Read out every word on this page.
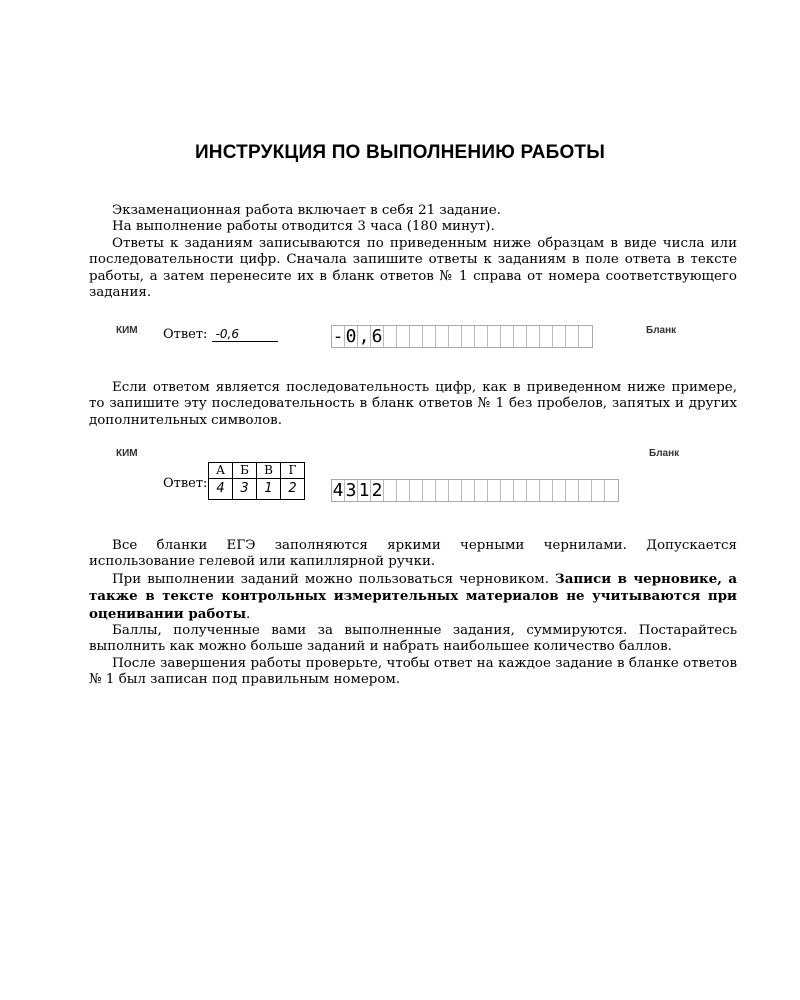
ИНСТРУКЦИЯ ПО ВЫПОЛНЕНИЮ РАБОТЫ

Экзаменационная работа включает в себя 21 задание.
На выполнение работы отводится 3 часа (180 минут).
Ответы к заданиям записываются по приведенным ниже образцам в виде числа или последовательности цифр. Сначала запишите ответы к заданиям в поле ответа в тексте работы, а затем перенесите их в бланк ответов № 1 справа от номера соответствующего задания.

КИМ Ответ: -0,6	- 0 , 6	Бланк

Если ответом является последовательность цифр, как в приведенном ниже примере, то запишите эту последовательность в бланк ответов № 1 без пробелов, запятых и других дополнительных символов.

КИМ
Ответ:
А	Б	В	Г
4	3	1	2 4 3 1 2
Бланк

Все бланки ЕГЭ заполняются яркими черными чернилами. Допускается использование гелевой или капиллярной ручки.
При выполнении заданий можно пользоваться черновиком. Записи в черновике, а также в тексте контрольных измерительных материалов не учитываются при оценивании работы.
Баллы, полученные вами за выполненные задания, суммируются. Постарайтесь выполнить как можно больше заданий и набрать наибольшее количество баллов.
После завершения работы проверьте, чтобы ответ на каждое задание в бланке ответов № 1 был записан под правильным номером.
